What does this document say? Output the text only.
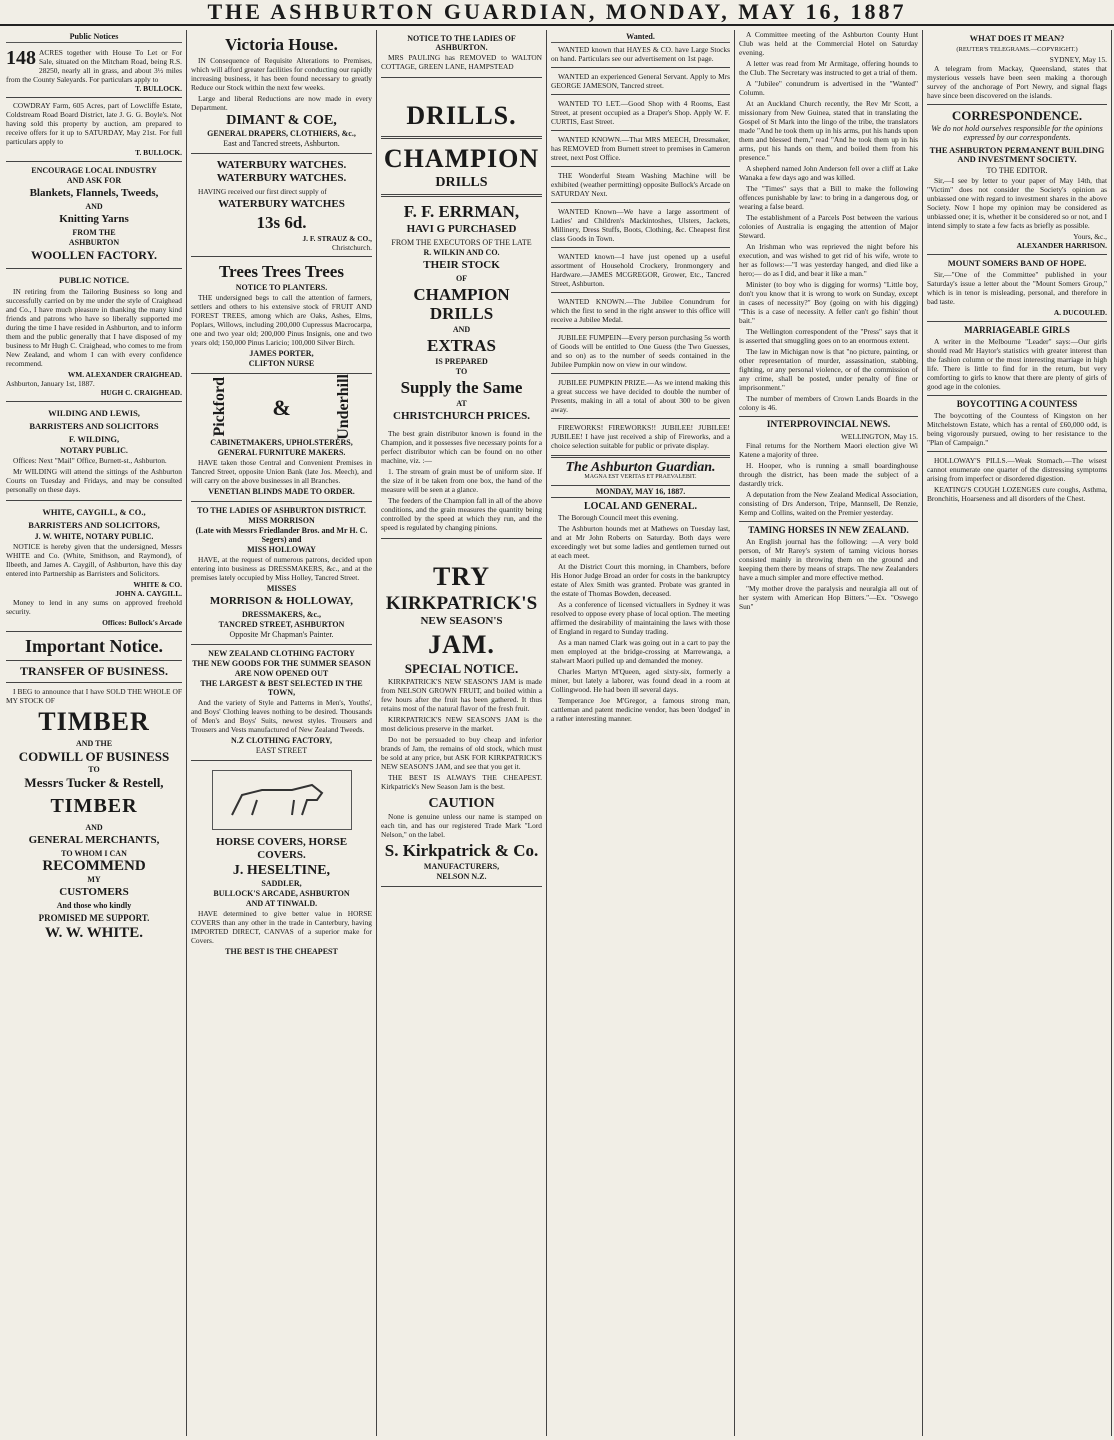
THE ASHBURTON GUARDIAN, MONDAY, MAY 16, 1887
Public Notices
148 ACRES together with House To Let or For Sale, situated on the Mitcham Road, being R.S. 28250, nearly all in grass, and about 3½ miles from the County Saleyards. For particulars apply to
T. BULLOCK.
COWDRAY Farm, 605 Acres, part of Lowcliffe Estate, Coldstream Road Board District, late J. G. G. Boyle's. Not having sold this property by auction, am prepared to receive offers for it up to SATURDAY, May 21st. For full particulars apply to
T. BULLOCK.
ENCOURAGE LOCAL INDUSTRY
AND ASK FOR
Blankets, Flannels, Tweeds,
AND
Knitting Yarns
FROM THE
ASHBURTON
WOOLLEN FACTORY.
PUBLIC NOTICE.
IN retiring from the Tailoring Business so long and successfully carried on by me under the style of Craighead and Co., I have much pleasure in thanking the many kind friends and patrons who have so liberally supported me during the time I have resided in Ashburton, and to inform them and the public generally that I have disposed of my business to Mr Hugh C. Craighead, who comes to me from New Zealand, and whom I can with every confidence recommend.
WM. ALEXANDER CRAIGHEAD.
Ashburton, January 1st, 1887.
HUGH C. CRAIGHEAD.
WILDING AND LEWIS,
BARRISTERS AND SOLICITORS
F. WILDING,
NOTARY PUBLIC.
Offices: Next "Mail" Office, Burnett-st., Ashburton.
Mr WILDING will attend the sittings of the Ashburton Courts on Tuesday and Fridays, and may be consulted personally on these days.
WHITE, CAYGILL, & CO.,
BARRISTERS AND SOLICITORS,
J. W. WHITE, NOTARY PUBLIC.
NOTICE is hereby given that the undersigned, Messrs WHITE and Co. (White, Smithson, and Raymond), of Ilbeeth, and James A. Caygill, of Ashburton, have this day entered into Partnership as Barristers and Solicitors.
WHITE & CO.
JOHN A. CAYGILL.
Money to lend in any sums on approved freehold security.
Offices: Bullock's Arcade
Important Notice.
TRANSFER OF BUSINESS.
I BEG to announce that I have SOLD THE WHOLE OF MY STOCK OF
TIMBER
AND THE
CODWILL OF BUSINESS
TO
Messrs Tucker & Restell,
TIMBER
AND
GENERAL MERCHANTS,
TO WHOM I CAN
RECOMMEND
MY
CUSTOMERS
And those who kindly
PROMISED ME SUPPORT.
W. W. WHITE.
Victoria House.
IN Consequence of Requisite Alterations to Premises, which will afford greater facilities for conducting our rapidly increasing business, it has been found necessary to greatly Reduce our Stock within the next few weeks.
Large and liberal Reductions are now made in every Department.
DIMANT & COE,
GENERAL DRAPERS, CLOTHIERS, &c.,
East and Tancred streets, Ashburton.
WATERBURY WATCHES. WATERBURY WATCHES.
HAVING received our first direct supply of
WATERBURY WATCHES
13s 6d.
J. F. STRAUZ & CO.,
Christchurch.
Trees Trees Trees
NOTICE TO PLANTERS.
THE undersigned begs to call the attention of farmers, settlers and others to his extensive stock of FRUIT AND FOREST TREES, among which are Oaks, Ashes, Elms, Poplars, Willows, including 200,000 Cupressus Macrocarpa, one and two year old; 200,000 Pinus Insignis, one and two years old; 150,000 Pinus Laricio; 100,000 Silver Birch.
JAMES PORTER,
CLIFTON NURSE
Pickford &	Underhill
CABINETMAKERS, UPHOLSTERERS,
GENERAL FURNITURE MAKERS.
HAVE taken those Central and Convenient Premises in Tancred Street, opposite Union Bank (late Jos. Meech), and will carry on the above businesses in all Branches.
VENETIAN BLINDS MADE TO ORDER.
TO THE LADIES OF ASHBURTON DISTRICT.
MISS MORRISON
(Late with Messrs Friedlander Bros. and Mr H. C. Segers) and
MISS HOLLOWAY
HAVE, at the request of numerous patrons, decided upon entering into business as DRESSMAKERS, &c., and at the premises lately occupied by Miss Holley, Tancred Street.
MISSES
MORRISON & HOLLOWAY,
DRESSMAKERS, &c.,
TANCRED STREET, ASHBURTON
Opposite Mr Chapman's Painter.
NEW ZEALAND CLOTHING FACTORY
THE NEW GOODS FOR THE SUMMER SEASON
ARE NOW OPENED OUT
THE LARGEST & BEST SELECTED IN THE TOWN,
And the variety of Style and Patterns in Men's, Youths', and Boys' Clothing leaves nothing to be desired. Thousands of Men's and Boys' Suits, newest styles. Trousers and Trousers and Vests manufactured of New Zealand Tweeds.
N.Z CLOTHING FACTORY,
EAST STREET
HORSE COVERS, HORSE COVERS.
J. HESELTINE,
SADDLER,
BULLOCK'S ARCADE, ASHBURTON
AND AT TINWALD.
HAVE determined to give better value in HORSE COVERS than any other in the trade in Canterbury, having IMPORTED DIRECT, CANVAS of a superior make for Covers.
THE BEST IS THE CHEAPEST
NOTICE TO THE LADIES OF ASHBURTON.
MRS PAULING has REMOVED to WALTON COTTAGE, GREEN LANE, HAMPSTEAD
DRILLS.
CHAMPION
DRILLS
F. F. ERRMAN,
HAVI G PURCHASED
FROM THE EXECUTORS OF THE LATE
R. WILKIN AND CO.
THEIR STOCK
OF
CHAMPION DRILLS
AND
EXTRAS
IS PREPARED
TO
Supply the Same
AT
CHRISTCHURCH PRICES.
The best grain distributor known is found in the Champion, and it possesses five necessary points for a perfect distributor which can be found on no other machine, viz. :—
1. The stream of grain must be of uniform size. If the size of it be taken from one box, the hand of the measure will be seen at a glance.
The feeders of the Champion fall in all of the above conditions, and the grain measures the quantity being controlled by the speed at which they run, and the speed is regulated by changing pinions.
TRY
KIRKPATRICK'S
NEW SEASON'S
JAM.
SPECIAL NOTICE.
KIRKPATRICK'S NEW SEASON'S JAM is made from NELSON GROWN FRUIT, and boiled within a few hours after the fruit has been gathered. It thus retains most of the natural flavor of the fresh fruit.
KIRKPATRICK'S NEW SEASON'S JAM is the most delicious preserve in the market.
Do not be persuaded to buy cheap and inferior brands of Jam, the remains of old stock, which must be sold at any price, but ASK FOR KIRKPATRICK'S NEW SEASON'S JAM, and see that you get it.
THE BEST IS ALWAYS THE CHEAPEST. Kirkpatrick's New Season Jam is the best.
CAUTION
None is genuine unless our name is stamped on each tin, and has our registered Trade Mark "Lord Nelson," on the label.
S. Kirkpatrick & Co.
MANUFACTURERS,
NELSON N.Z.
Wanted.
WANTED known that HAYES & CO. have Large Stocks on hand. Particulars see our advertisement on 1st page.
WANTED an experienced General Servant. Apply to Mrs GEORGE JAMESON, Tancred street.
WANTED TO LET.—Good Shop with 4 Rooms, East Street, at present occupied as a Draper's Shop. Apply W. F. CURTIS, East Street.
WANTED KNOWN.—That MRS MEECH, Dressmaker, has REMOVED from Burnett street to premises in Cameron street, next Post Office.
THE Wonderful Steam Washing Machine will be exhibited (weather permitting) opposite Bullock's Arcade on SATURDAY Next.
WANTED Known—We have a large assortment of Ladies' and Children's Mackintoshes, Ulsters, Jackets, Millinery, Dress Stuffs, Boots, Clothing, &c. Cheapest first class Goods in Town.
WANTED known—I have just opened up a useful assortment of Household Crockery, Ironmongery and Hardware.—JAMES MCGREGOR, Grower, Etc., Tancred Street, Ashburton.
WANTED KNOWN.—The Jubilee Conundrum for which the first to send in the right answer to this office will receive a Jubilee Medal.
JUBILEE FUMPEIN—Every person purchasing 5s worth of Goods will be entitled to One Guess (the Two Guesses, and so on) as to the number of seeds contained in the Jubilee Pumpkin now on view in our window.
JUBILEE PUMPKIN PRIZE.—As we intend making this a great success we have decided to double the number of Presents, making in all a total of about 300 to be given away.
FIREWORKS! FIREWORKS!! JUBILEE! JUBILEE! JUBILEE! I have just received a ship of Fireworks, and a choice selection suitable for public or private display.
The Ashburton Guardian.
MAGNA EST VERITAS ET PRAEVALEBIT.
MONDAY, MAY 16, 1887.
LOCAL AND GENERAL.
The Borough Council meet this evening.
The Ashburton hounds met at Mathews on Tuesday last, and at Mr John Roberts on Saturday. Both days were exceedingly wet but some ladies and gentlemen turned out at each meet.
At the District Court this morning, in Chambers, before His Honor Judge Broad an order for costs in the bankruptcy estate of Alex Smith was granted. Probate was granted in the estate of Thomas Bowden, deceased.
As a conference of licensed victuallers in Sydney it was resolved to oppose every phase of local option. The meeting affirmed the desirability of maintaining the laws with those of England in regard to Sunday trading.
As a man named Clark was going out in a cart to pay the men employed at the bridge-crossing at Marrewanga, a stalwart Maori pulled up and demanded the money.
Charles Martyn M'Queen, aged sixty-six, formerly a miner, but lately a laborer, was found dead in a room at Collingwood. He had been ill several days.
Temperance Joe M'Gregor, a famous strong man, cattleman and patent medicine vendor, has been 'dodged' in a rather interesting manner.
A Committee meeting of the Ashburton County Hunt Club was held at the Commercial Hotel on Saturday evening.
A letter was read from Mr Armitage, offering hounds to the Club. The Secretary was instructed to get a trial of them.
A "Jubilee" conundrum is advertised in the "Wanted" Column.
At an Auckland Church recently, the Rev Mr Scott, a missionary from New Guinea, stated that in translating the Gospel of St Mark into the lingo of the tribe, the translators made "And he took them up in his arms, put his hands upon them and blessed them," read "And he took them up in his arms, put his hands on them, and boiled them from his presence."
A shepherd named John Anderson fell over a cliff at Lake Wanaka a few days ago and was killed.
The "Times" says that a Bill to make the following offences punishable by law: to bring in a dangerous dog, or wearing a false beard.
The establishment of a Parcels Post between the various colonies of Australia is engaging the attention of Major Steward.
An Irishman who was reprieved the night before his execution, and was wished to get rid of his wife, wrote to her as follows:—"I was yesterday hanged, and died like a hero;— do as I did, and bear it like a man."
Minister (to boy who is digging for worms) "Little boy, don't you know that it is wrong to work on Sunday, except in cases of necessity?" Boy (going on with his digging) "This is a case of necessity. A feller can't go fishin' thout bait."
The Wellington correspondent of the "Press" says that it is asserted that smuggling goes on to an enormous extent.
The law in Michigan now is that "no picture, painting, or other representation of murder, assassination, stabbing, fighting, or any personal violence, or of the commission of any crime, shall be posted, under penalty of fine or imprisonment."
The number of members of Crown Lands Boards in the colony is 46.
INTERPROVINCIAL NEWS.
WELLINGTON, May 15.
Final returns for the Northern Maori election give Wi Katene a majority of three.
H. Hooper, who is running a small boardinghouse through the district, has been made the subject of a dastardly trick.
A deputation from the New Zealand Medical Association, consisting of Drs Anderson, Tripe, Mannsell, De Renzie, Kemp and Collins, waited on the Premier yesterday.
TAMING HORSES IN NEW ZEALAND.
An English journal has the following: —A very bold person, of Mr Rarey's system of taming vicious horses consisted mainly in throwing them on the ground and keeping them there by means of straps. The new Zealanders have a much simpler and more effective method.
"My mother drove the paralysis and neuralgia all out of her system with American Hop Bitters."—Ex. "Oswego Sun"
WHAT DOES IT MEAN?
(REUTER'S TELEGRAMS.—COPYRIGHT.)
SYDNEY, May 15.
A telegram from Mackay, Queensland, states that mysterious vessels have been seen making a thorough survey of the anchorage of Port Newry, and signal flags have since been discovered on the islands.
CORRESPONDENCE.
We do not hold ourselves responsible for the opinions expressed by our correspondents.
THE ASHBURTON PERMANENT BUILDING AND INVESTMENT SOCIETY.
TO THE EDITOR.
Sir,—I see by letter to your paper of May 14th, that "Victim" does not consider the Society's opinion as unbiassed one with regard to investment shares in the above Society. Now I hope my opinion may be considered as unbiassed one; it is, whether it be considered so or not, and I intend simply to state a few facts as briefly as possible.
Yours, &c.,
ALEXANDER HARRISON.
MOUNT SOMERS BAND OF HOPE.
Sir,—"One of the Committee" published in your Saturday's issue a letter about the "Mount Somers Group," which is in tenor is misleading, personal, and therefore in bad taste.
A. DUCOULED.
MARRIAGEABLE GIRLS
A writer in the Melbourne "Leader" says:—Our girls should read Mr Haytor's statistics with greater interest than the fashion column or the most interesting marriage in high life. There is little to find for in the return, but very comforting to girls to know that there are plenty of girls of good age in the colonies.
BOYCOTTING A COUNTESS
The boycotting of the Countess of Kingston on her Mitchelstown Estate, which has a rental of £60,000 odd, is being vigorously pursued, owing to her resistance to the "Plan of Campaign."
HOLLOWAY'S PILLS.—Weak Stomach.—The wisest cannot enumerate one quarter of the distressing symptoms arising from imperfect or disordered digestion.
KEATING'S COUGH LOZENGES cure coughs, Asthma, Bronchitis, Hoarseness and all disorders of the Chest.
